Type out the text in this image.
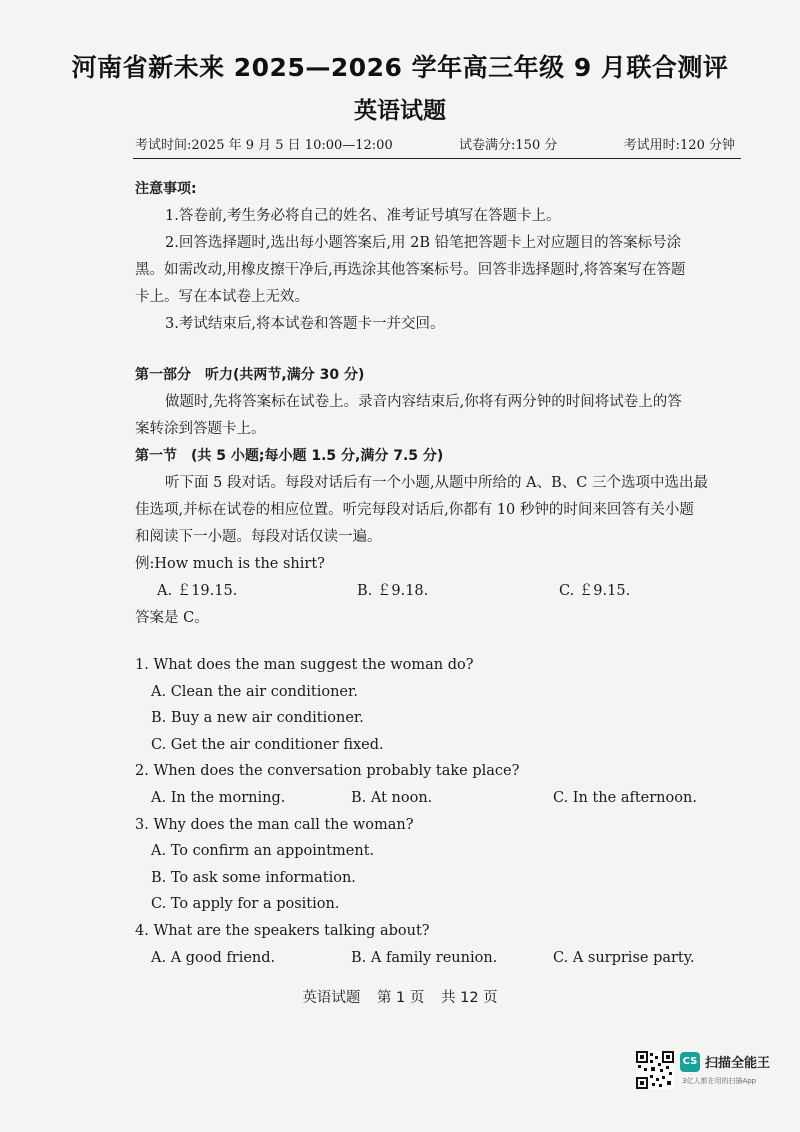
河南省新未来 2025—2026 学年高三年级 9 月联合测评
英语试题
考试时间:2025 年 9 月 5 日 10:00—12:00	试卷满分:150 分	考试用时:120 分钟
注意事项:
1.答卷前,考生务必将自己的姓名、准考证号填写在答题卡上。
2.回答选择题时,选出每小题答案后,用 2B 铅笔把答题卡上对应题目的答案标号涂
黑。如需改动,用橡皮擦干净后,再选涂其他答案标号。回答非选择题时,将答案写在答题
卡上。写在本试卷上无效。
3.考试结束后,将本试卷和答题卡一并交回。
第一部分　听力(共两节,满分 30 分)
做题时,先将答案标在试卷上。录音内容结束后,你将有两分钟的时间将试卷上的答
案转涂到答题卡上。
第一节　(共 5 小题;每小题 1.5 分,满分 7.5 分)
听下面 5 段对话。每段对话后有一个小题,从题中所给的 A、B、C 三个选项中选出最
佳选项,并标在试卷的相应位置。听完每段对话后,你都有 10 秒钟的时间来回答有关小题
和阅读下一小题。每段对话仅读一遍。
例:How much is the shirt?
A. ￡19.15.	B. ￡9.18.	C. ￡9.15.
答案是 C。
1. What does the man suggest the woman do?
A. Clean the air conditioner.
B. Buy a new air conditioner.
C. Get the air conditioner fixed.
2. When does the conversation probably take place?
A. In the morning.	B. At noon.	C. In the afternoon.
3. Why does the man call the woman?
A. To confirm an appointment.
B. To ask some information.
C. To apply for a position.
4. What are the speakers talking about?
A. A good friend.	B. A family reunion.	C. A surprise party.
英语试题 第 1 页 共 12 页
CS 扫描全能王
3亿人都在用的扫描App
